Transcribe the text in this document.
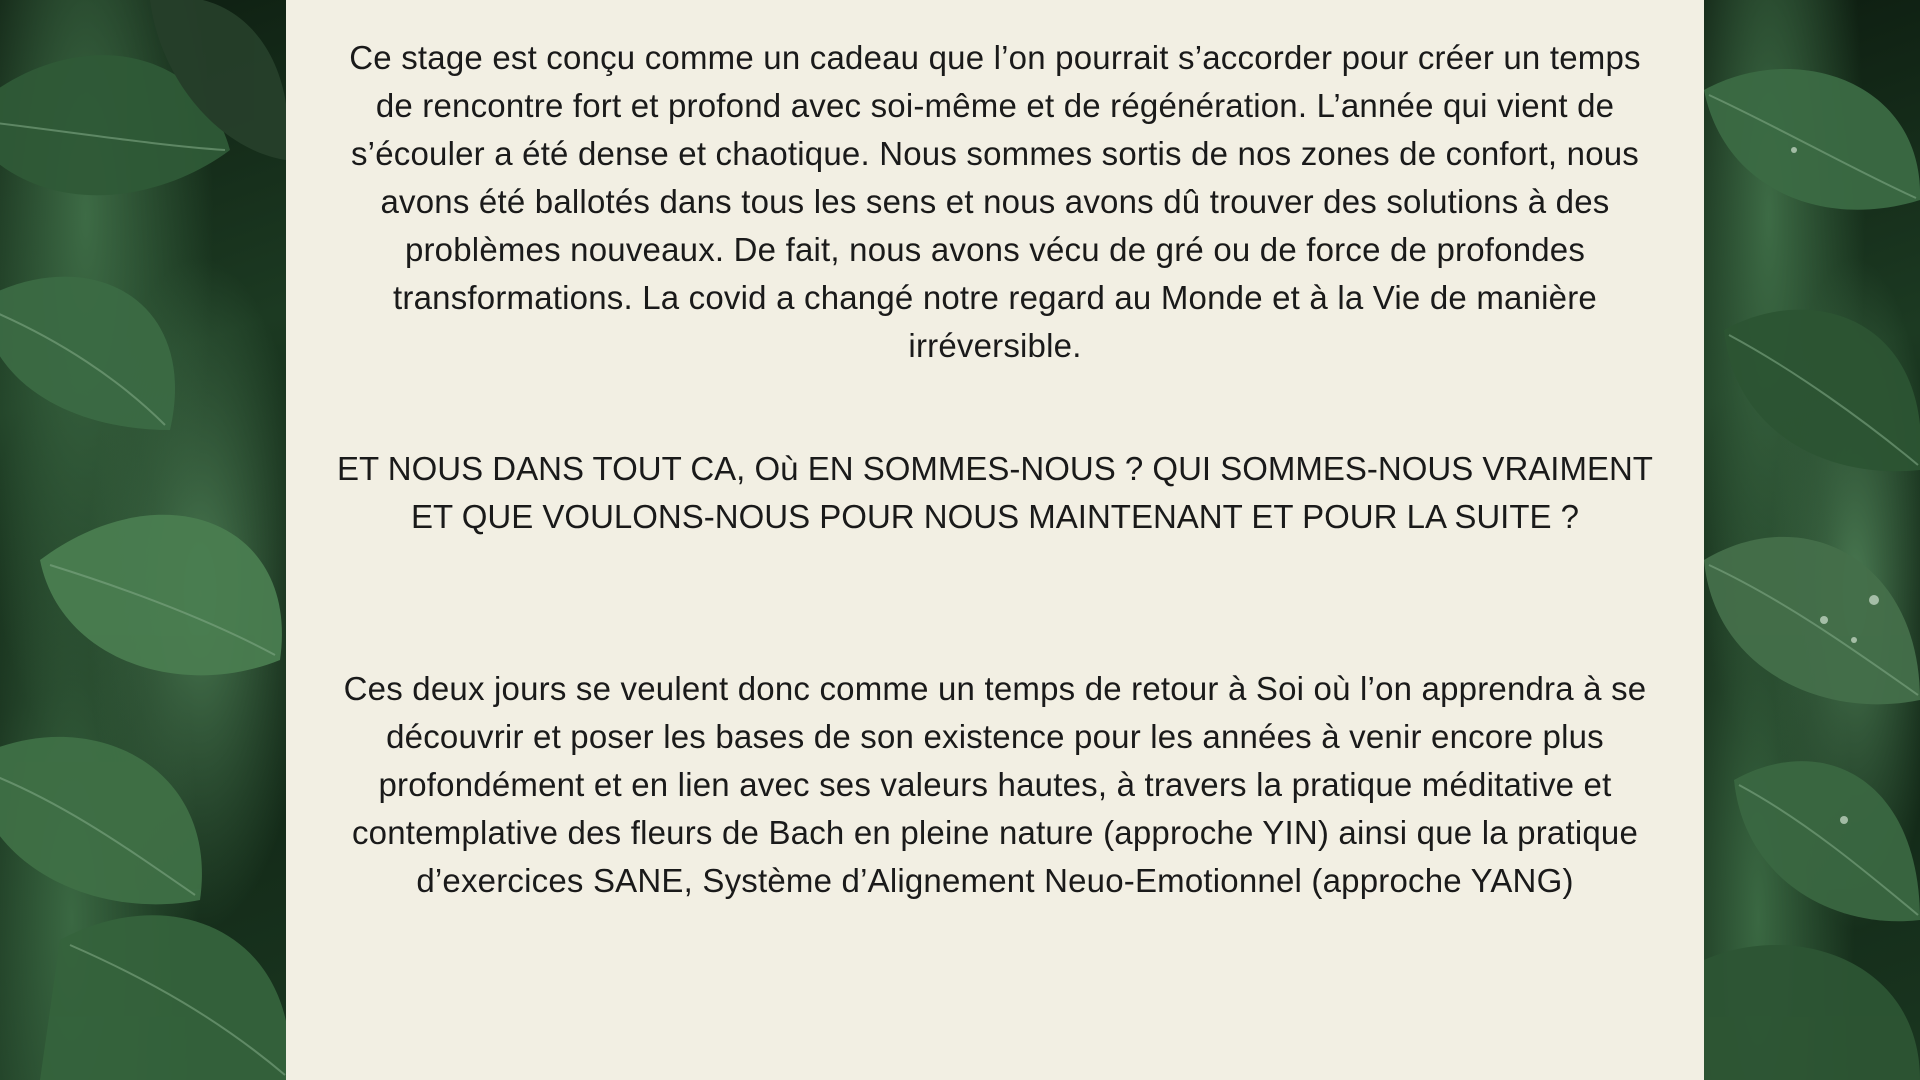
Ce stage est conçu comme un cadeau que l’on pourrait s’accorder pour créer un temps de rencontre fort et profond avec soi-même et de régénération. L’année qui vient de s’écouler a été dense et chaotique. Nous sommes sortis de nos zones de confort, nous avons été ballotés dans tous les sens et nous avons dû trouver des solutions à des problèmes nouveaux. De fait, nous avons vécu de gré ou de force de profondes transformations. La covid a changé notre regard au Monde et à la Vie de manière irréversible.

ET NOUS DANS TOUT CA, Où EN SOMMES-NOUS ? QUI SOMMES-NOUS VRAIMENT ET QUE VOULONS-NOUS POUR NOUS MAINTENANT ET POUR LA SUITE ?

Ces deux jours se veulent donc comme un temps de retour à Soi où l’on apprendra à se découvrir et poser les bases de son existence pour les années à venir encore plus profondément et en lien avec ses valeurs hautes, à travers la pratique méditative et contemplative des fleurs de Bach en pleine nature (approche YIN) ainsi que la pratique d’exercices SANE, Système d’Alignement Neuo-Emotionnel (approche YANG)
